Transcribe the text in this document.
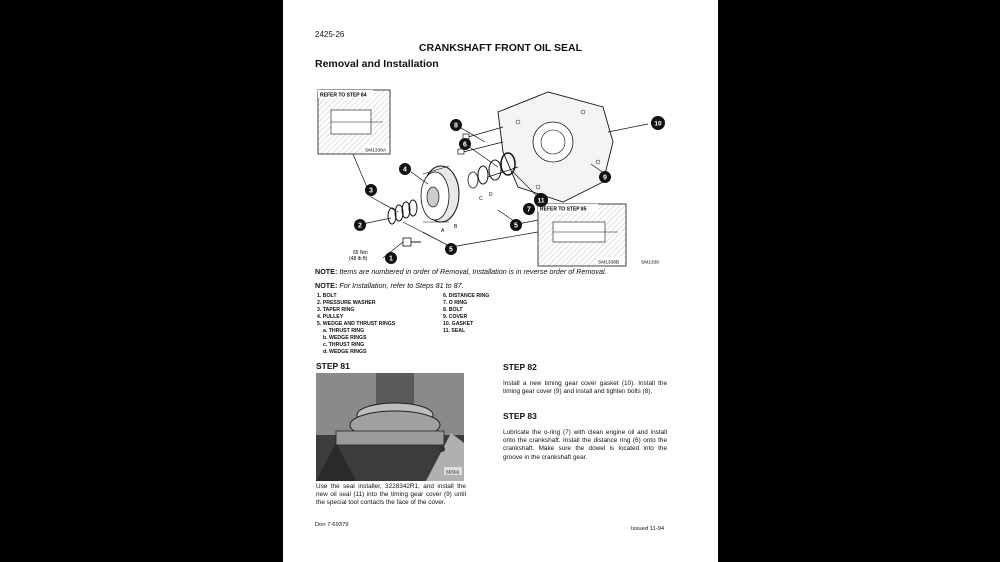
2425-26
CRANKSHAFT FRONT OIL SEAL
Removal and Installation
REFER TO STEP 84
SM1338A
REFER TO STEP 85
SM1338B	SM1338
A
B
C
D
65 Nm
(48 lb ft)	1
2
3
4
5
5
6
7
8
9
10
11
NOTE: Items are numbered in order of Removal, Installation is in reverse order of Removal.
NOTE: For Installation, refer to Steps 81 to 87.
1. BOLT
2. PRESSURE WASHER
3. TAPER RING
4. PULLEY
5. WEDGE AND THRUST RINGS
a. THRUST RING
b. WEDGE RINGS
c. THRUST RING
d. WEDGE RINGS
6. DISTANCE RING
7. O RING
8. BOLT
9. COVER
10. GASKET
11. SEAL
STEP 81
65592
Use the seal installer, 3228342R1, and install the new oil seal (11) into the timing gear cover (9) until the special tool contacts the face of the cover.
STEP 82
Install a new timing gear cover gasket (10). Install the timing gear cover (9) and install and tighten bolts (8).
STEP 83
Lubricate the o-ring (7) with clean engine oil and install onto the crankshaft. Install the distance ring (6) onto the crankshaft. Make sure the dowel is located into the groove in the crankshaft gear.
Don 7-69379
Issued 11-94
